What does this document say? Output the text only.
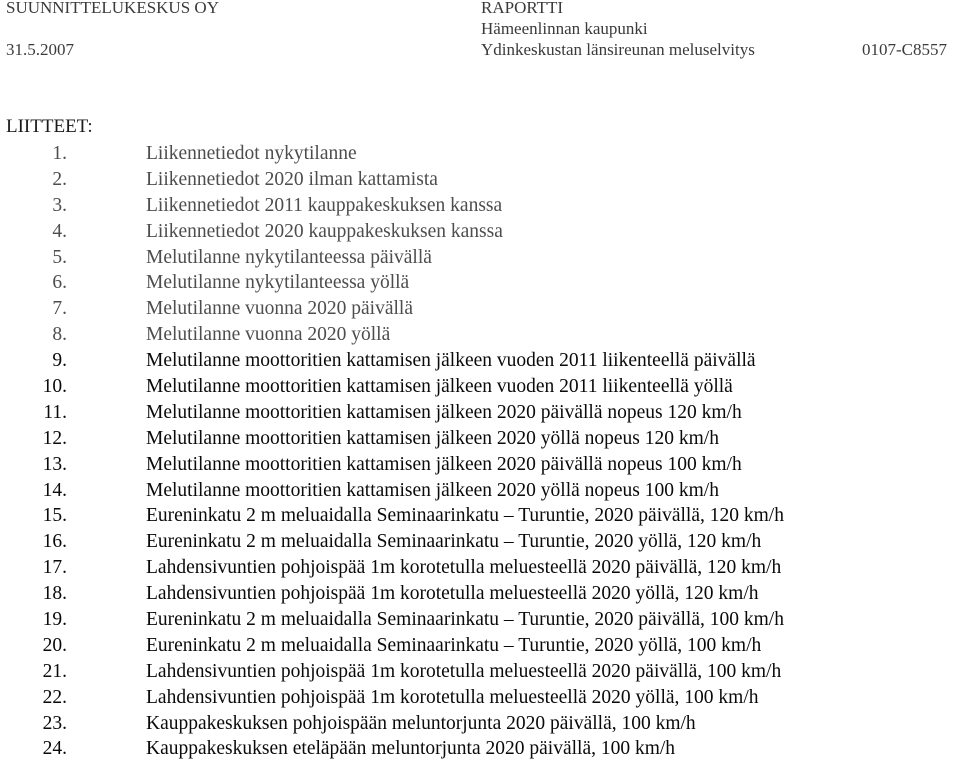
SUUNNITTELUKESKUS OY
31.5.2007
RAPORTTI
Hämeenlinnan kaupunki
Ydinkeskustan länsireunan meluselvitys	0107-C8557
LIITTEET:
1.	Liikennetiedot nykytilanne
2.	Liikennetiedot 2020 ilman kattamista
3.	Liikennetiedot 2011 kauppakeskuksen kanssa
4.	Liikennetiedot 2020 kauppakeskuksen kanssa
5.	Melutilanne nykytilanteessa päivällä
6.	Melutilanne nykytilanteessa yöllä
7.	Melutilanne vuonna 2020 päivällä
8.	Melutilanne vuonna 2020 yöllä
9.	Melutilanne moottoritien kattamisen jälkeen vuoden 2011 liikenteellä päivällä
10.	Melutilanne moottoritien kattamisen jälkeen vuoden 2011 liikenteellä yöllä
11.	Melutilanne moottoritien kattamisen jälkeen 2020 päivällä nopeus 120 km/h
12.	Melutilanne moottoritien kattamisen jälkeen 2020 yöllä nopeus 120 km/h
13.	Melutilanne moottoritien kattamisen jälkeen 2020 päivällä nopeus 100 km/h
14.	Melutilanne moottoritien kattamisen jälkeen 2020 yöllä nopeus 100 km/h
15.	Eureninkatu 2 m meluaidalla Seminaarinkatu – Turuntie, 2020 päivällä, 120 km/h
16.	Eureninkatu 2 m meluaidalla Seminaarinkatu – Turuntie, 2020 yöllä, 120 km/h
17.	Lahdensivuntien pohjoispää 1m korotetulla meluesteellä 2020 päivällä, 120 km/h
18.	Lahdensivuntien pohjoispää 1m korotetulla meluesteellä 2020 yöllä, 120 km/h
19.	Eureninkatu 2 m meluaidalla Seminaarinkatu – Turuntie, 2020 päivällä, 100 km/h
20.	Eureninkatu 2 m meluaidalla Seminaarinkatu – Turuntie, 2020 yöllä, 100 km/h
21.	Lahdensivuntien pohjoispää 1m korotetulla meluesteellä 2020 päivällä, 100 km/h
22.	Lahdensivuntien pohjoispää 1m korotetulla meluesteellä 2020 yöllä, 100 km/h
23.	Kauppakeskuksen pohjoispään meluntorjunta 2020 päivällä, 100 km/h
24.	Kauppakeskuksen eteläpään meluntorjunta 2020 päivällä, 100 km/h
